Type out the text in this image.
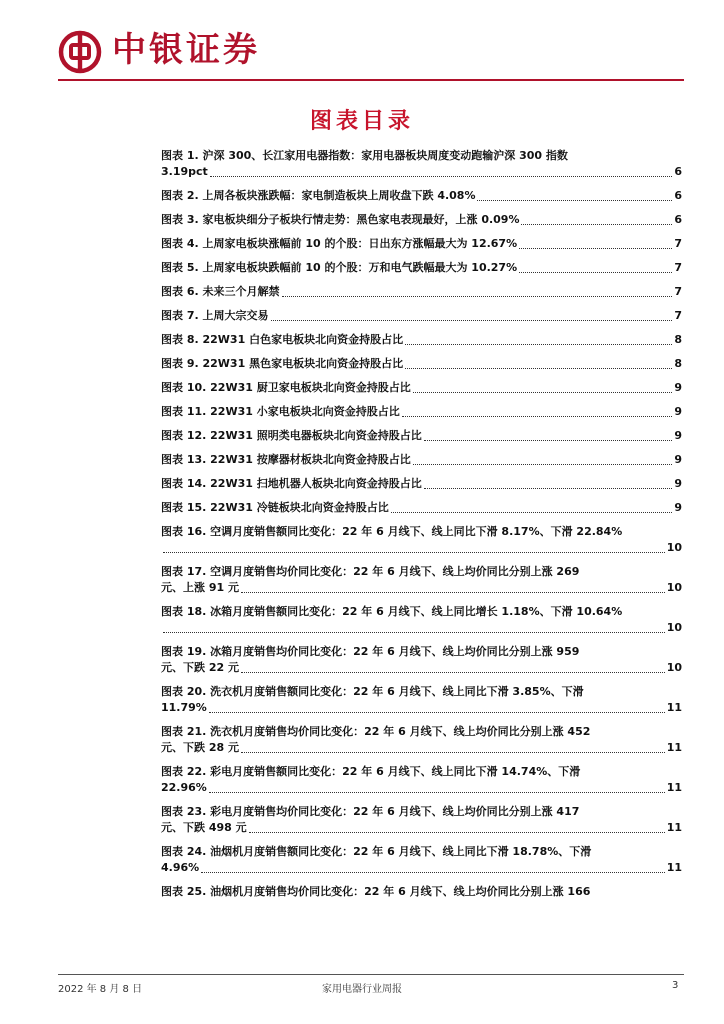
中银证券
图表目录
图表 1. 沪深 300、长江家用电器指数：家用电器板块周度变动跑输沪深 300 指数
3.19pct	6
图表 2. 上周各板块涨跌幅：家电制造板块上周收盘下跌 4.08%	6
图表 3. 家电板块细分子板块行情走势：黑色家电表现最好，上涨 0.09%	6
图表 4. 上周家电板块涨幅前 10 的个股：日出东方涨幅最大为 12.67%	7
图表 5. 上周家电板块跌幅前 10 的个股：万和电气跌幅最大为 10.27%	7
图表 6. 未来三个月解禁	7
图表 7. 上周大宗交易	7
图表 8. 22W31 白色家电板块北向资金持股占比	8
图表 9. 22W31 黑色家电板块北向资金持股占比	8
图表 10. 22W31 厨卫家电板块北向资金持股占比	9
图表 11. 22W31 小家电板块北向资金持股占比	9
图表 12. 22W31 照明类电器板块北向资金持股占比	9
图表 13. 22W31 按摩器材板块北向资金持股占比	9
图表 14. 22W31 扫地机器人板块北向资金持股占比	9
图表 15. 22W31 冷链板块北向资金持股占比	9
图表 16. 空调月度销售额同比变化：22 年 6 月线下、线上同比下滑 8.17%、下滑 22.84%
10
图表 17. 空调月度销售均价同比变化：22 年 6 月线下、线上均价同比分别上涨 269
元、上涨 91 元	10
图表 18. 冰箱月度销售额同比变化：22 年 6 月线下、线上同比增长 1.18%、下滑 10.64%
10
图表 19. 冰箱月度销售均价同比变化：22 年 6 月线下、线上均价同比分别上涨 959
元、下跌 22 元	10
图表 20. 洗衣机月度销售额同比变化：22 年 6 月线下、线上同比下滑 3.85%、下滑
11.79%	11
图表 21. 洗衣机月度销售均价同比变化：22 年 6 月线下、线上均价同比分别上涨 452
元、下跌 28 元	11
图表 22. 彩电月度销售额同比变化：22 年 6 月线下、线上同比下滑 14.74%、下滑
22.96%	11
图表 23. 彩电月度销售均价同比变化：22 年 6 月线下、线上均价同比分别上涨 417
元、下跌 498 元	11
图表 24. 油烟机月度销售额同比变化：22 年 6 月线下、线上同比下滑 18.78%、下滑
4.96%	11
图表 25. 油烟机月度销售均价同比变化：22 年 6 月线下、线上均价同比分别上涨 166
2022 年 8 月 8 日	家用电器行业周报	3
